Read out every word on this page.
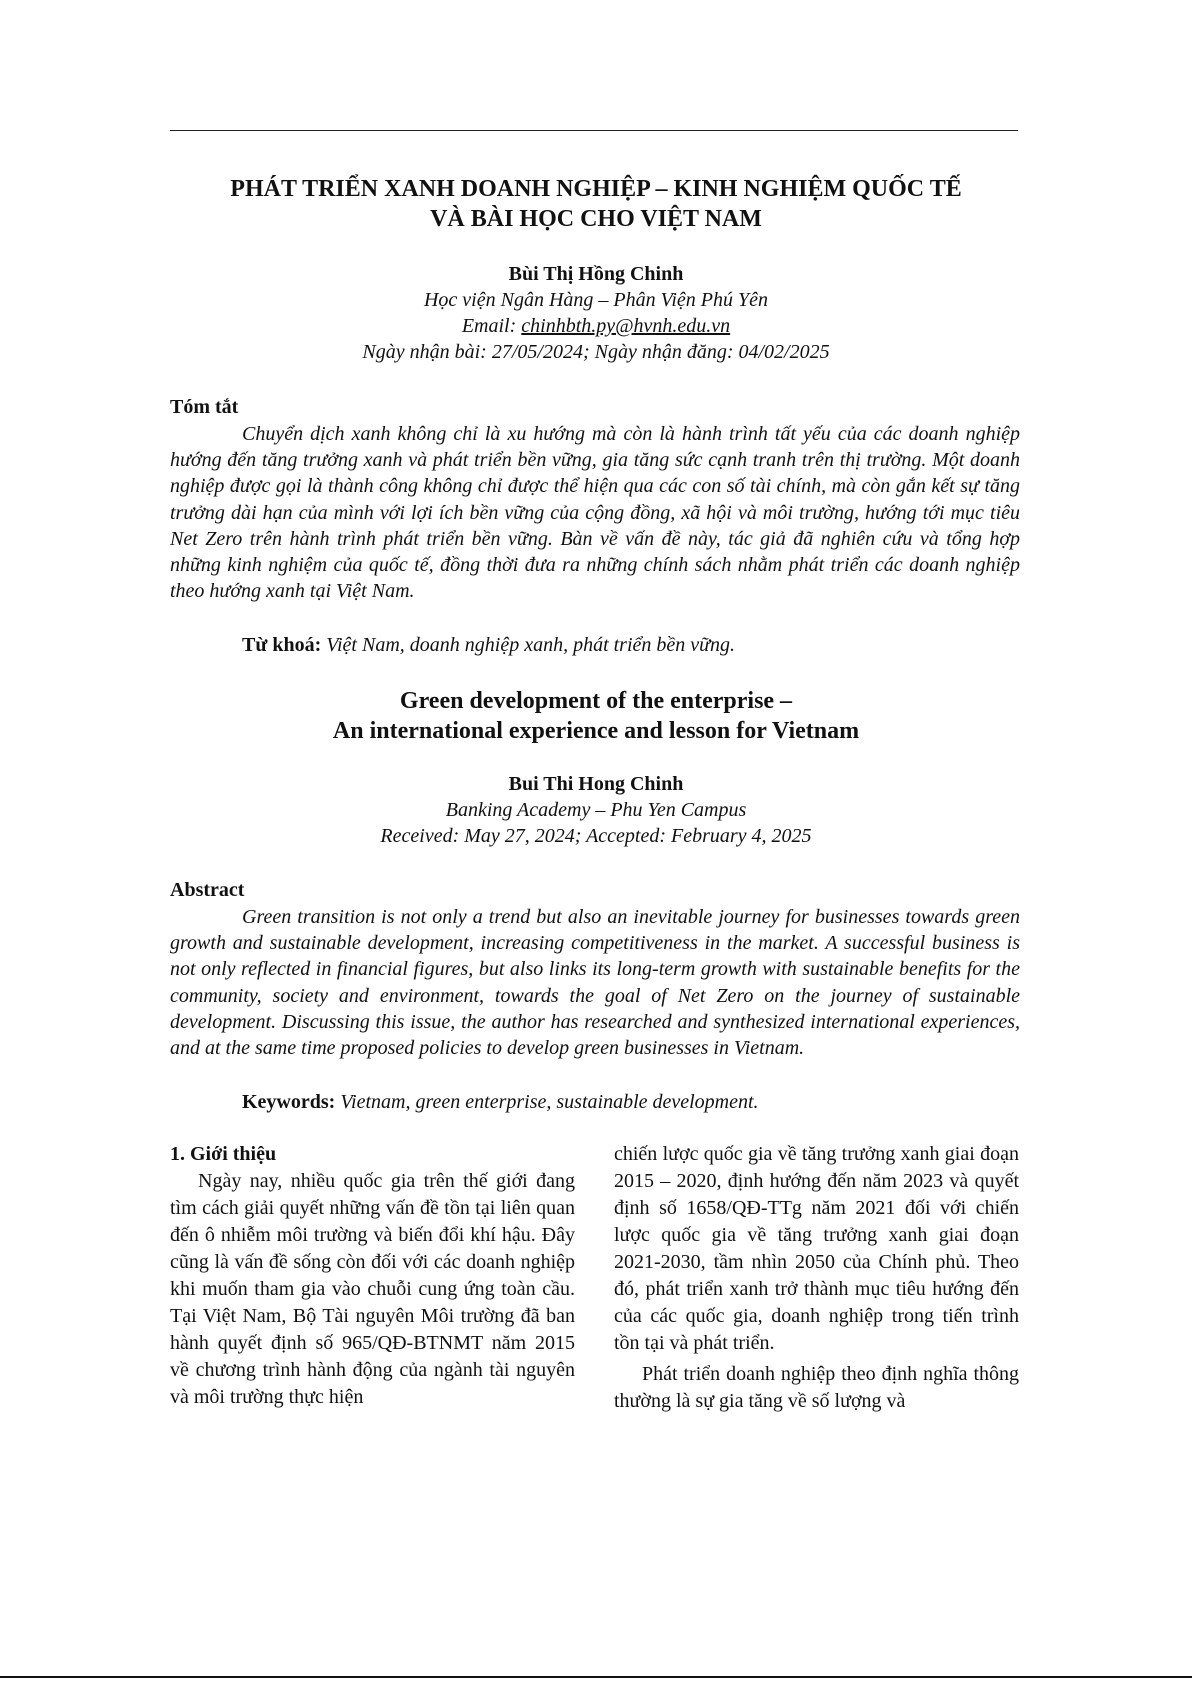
PHÁT TRIỂN XANH DOANH NGHIỆP – KINH NGHIỆM QUỐC TẾ
VÀ BÀI HỌC CHO VIỆT NAM
Bùi Thị Hồng Chinh
Học viện Ngân Hàng – Phân Viện Phú Yên
Email: chinhbth.py@hvnh.edu.vn
Ngày nhận bài: 27/05/2024; Ngày nhận đăng: 04/02/2025
Tóm tắt
Chuyển dịch xanh không chỉ là xu hướng mà còn là hành trình tất yếu của các doanh nghiệp hướng đến tăng trưởng xanh và phát triển bền vững, gia tăng sức cạnh tranh trên thị trường. Một doanh nghiệp được gọi là thành công không chỉ được thể hiện qua các con số tài chính, mà còn gắn kết sự tăng trưởng dài hạn của mình với lợi ích bền vững của cộng đồng, xã hội và môi trường, hướng tới mục tiêu Net Zero trên hành trình phát triển bền vững. Bàn về vấn đề này, tác giả đã nghiên cứu và tổng hợp những kinh nghiệm của quốc tế, đồng thời đưa ra những chính sách nhằm phát triển các doanh nghiệp theo hướng xanh tại Việt Nam.
Từ khoá: Việt Nam, doanh nghiệp xanh, phát triển bền vững.
Green development of the enterprise –
An international experience and lesson for Vietnam
Bui Thi Hong Chinh
Banking Academy – Phu Yen Campus
Received: May 27, 2024; Accepted: February 4, 2025
Abstract
Green transition is not only a trend but also an inevitable journey for businesses towards green growth and sustainable development, increasing competitiveness in the market. A successful business is not only reflected in financial figures, but also links its long-term growth with sustainable benefits for the community, society and environment, towards the goal of Net Zero on the journey of sustainable development. Discussing this issue, the author has researched and synthesized international experiences, and at the same time proposed policies to develop green businesses in Vietnam.
Keywords: Vietnam, green enterprise, sustainable development.
1. Giới thiệu

Ngày nay, nhiều quốc gia trên thế giới đang tìm cách giải quyết những vấn đề tồn tại liên quan đến ô nhiễm môi trường và biến đổi khí hậu. Đây cũng là vấn đề sống còn đối với các doanh nghiệp khi muốn tham gia vào chuỗi cung ứng toàn cầu. Tại Việt Nam, Bộ Tài nguyên Môi trường đã ban hành quyết định số 965/QĐ-BTNMT năm 2015 về chương trình hành động của ngành tài nguyên và môi trường thực hiện

chiến lược quốc gia về tăng trưởng xanh giai đoạn 2015 – 2020, định hướng đến năm 2023 và quyết định số 1658/QĐ-TTg năm 2021 đối với chiến lược quốc gia về tăng trưởng xanh giai đoạn 2021-2030, tầm nhìn 2050 của Chính phủ. Theo đó, phát triển xanh trở thành mục tiêu hướng đến của các quốc gia, doanh nghiệp trong tiến trình tồn tại và phát triển.

Phát triển doanh nghiệp theo định nghĩa thông thường là sự gia tăng về số lượng và
